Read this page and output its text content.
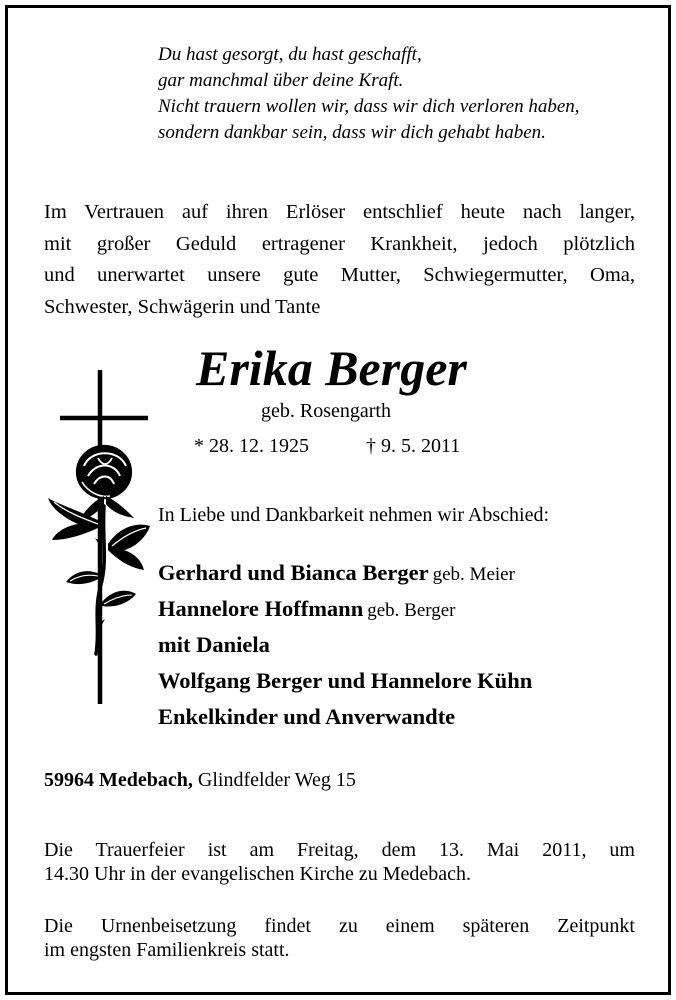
Du hast gesorgt, du hast geschafft,
gar manchmal über deine Kraft.
Nicht trauern wollen wir, dass wir dich verloren haben,
sondern dankbar sein, dass wir dich gehabt haben.
Im Vertrauen auf ihren Erlöser entschlief heute nach langer,
mit großer Geduld ertragener Krankheit, jedoch plötzlich
und unerwartet unsere gute Mutter, Schwiegermutter, Oma,
Schwester, Schwägerin und Tante
Erika Berger
geb. Rosengarth
* 28. 12. 1925	† 9. 5. 2011
In Liebe und Dankbarkeit nehmen wir Abschied:
Gerhard und Bianca Berger geb. Meier
Hannelore Hoffmann geb. Berger
mit Daniela
Wolfgang Berger und Hannelore Kühn
Enkelkinder und Anverwandte
59964 Medebach, Glindfelder Weg 15
Die Trauerfeier ist am Freitag, dem 13. Mai 2011, um
14.30 Uhr in der evangelischen Kirche zu Medebach.
Die Urnenbeisetzung findet zu einem späteren Zeitpunkt
im engsten Familienkreis statt.
